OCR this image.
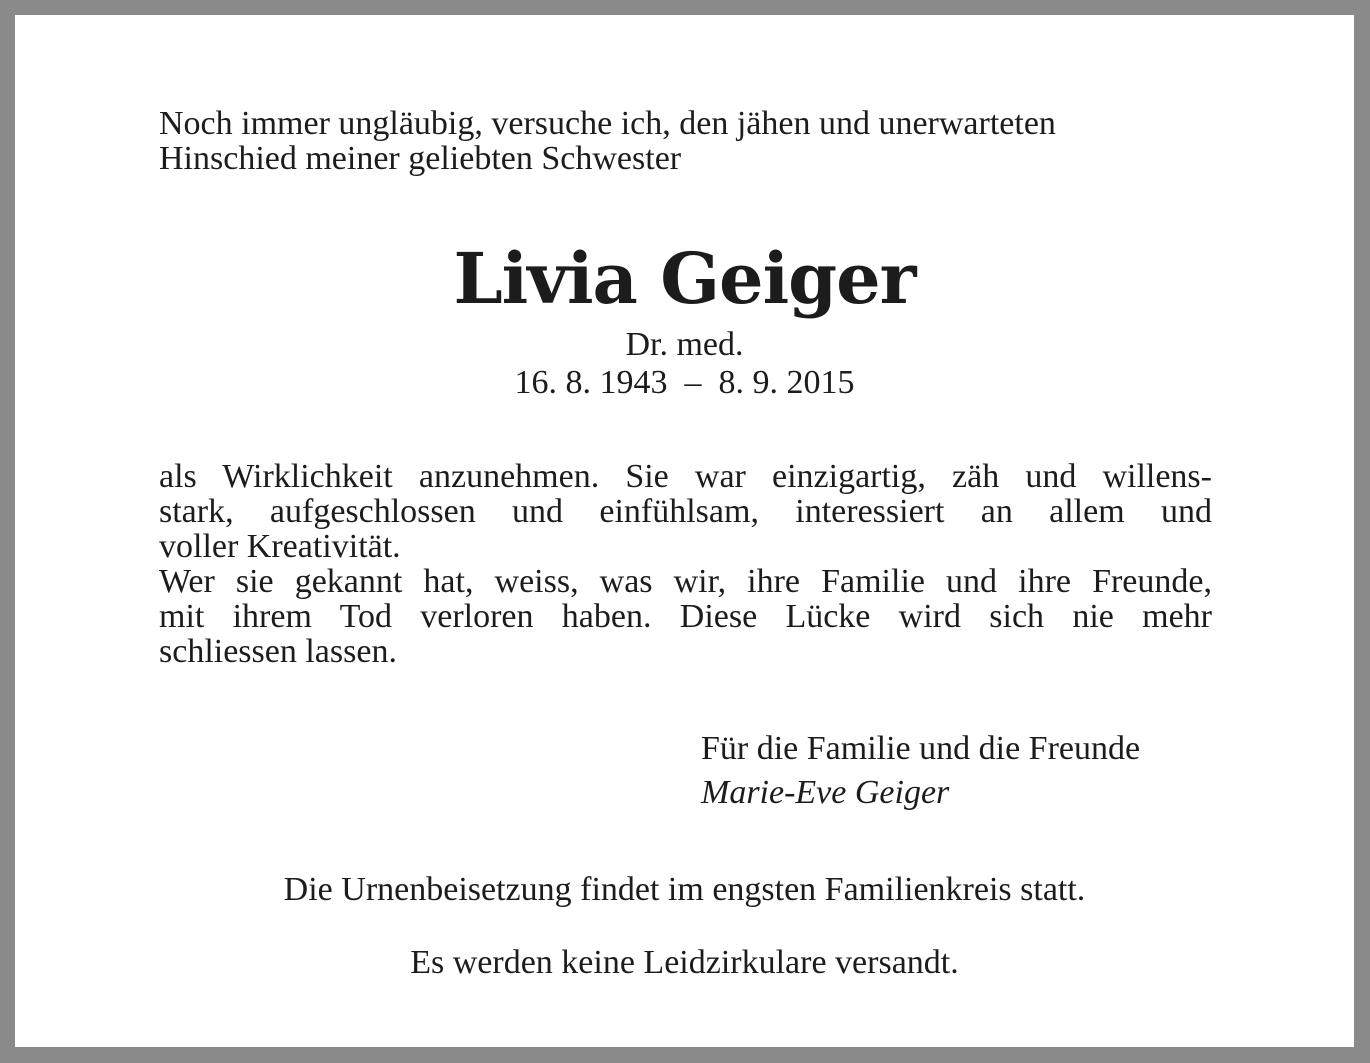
Noch immer ungläubig, versuche ich, den jähen und unerwarteten
Hinschied meiner geliebten Schwester
Livia Geiger
Dr. med.
16. 8. 1943  –  8. 9. 2015
als Wirklichkeit anzunehmen. Sie war einzigartig, zäh und willens-
stark, aufgeschlossen und einfühlsam, interessiert an allem und
voller Kreativität.
Wer sie gekannt hat, weiss, was wir, ihre Familie und ihre Freunde,
mit ihrem Tod verloren haben. Diese Lücke wird sich nie mehr
schliessen lassen.
Für die Familie und die Freunde
Marie-Eve Geiger
Die Urnenbeisetzung findet im engsten Familienkreis statt.
Es werden keine Leidzirkulare versandt.
